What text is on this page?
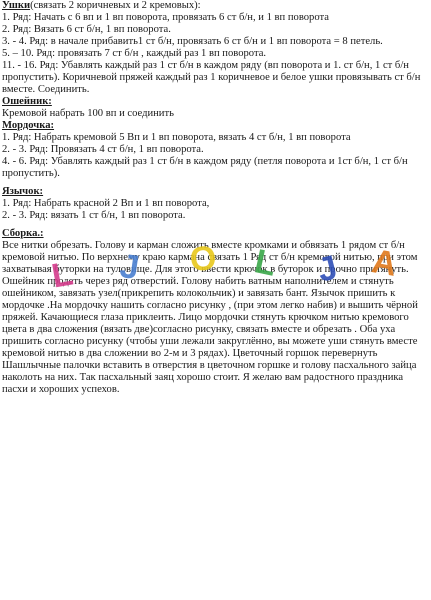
Ушки(связать 2 коричневых и 2 кремовых):

1. Ряд: Начать с 6 вп и 1 вп поворота, провязать 6 ст б/н, и 1 вп поворота

2. Ряд: Вязать 6 ст б/н, 1 вп поворота.

3. - 4. Ряд: в начале прибавить1 ст б/н, провязать 6 ст б/н и 1 вп поворота = 8 петель.

5. – 10. Ряд: провязать 7 ст б/н , каждый раз 1 вп поворота.

11. - 16. Ряд: Убавлять каждый раз 1 ст б/н в каждом ряду (вп поворота и 1. ст б/н, 1 ст б/н пропустить). Коричневой пряжей каждый раз 1 коричневое и белое ушки провязывать ст б/н вместе. Соединить.

Ошейник:

Кремовой набрать 100 вп и соединить

Мордочка:

1. Ряд: Набрать кремовой 5 Вп и 1 вп поворота, вязать 4 ст б/н, 1 вп поворота

2. - 3. Ряд: Провязать 4 ст б/н, 1 вп поворота.

4. - 6. Ряд: Убавлять каждый раз 1 ст б/н в каждом ряду (петля поворота и 1ст б/н, 1 ст б/н пропустить).

Язычок:

1. Ряд: Набрать красной 2 Вп и 1 вп поворота,

2. - 3. Ряд: вязать 1 ст б/н, 1 вп поворота.

Сборка.:

Все нитки обрезать. Голову и карман сложить вместе кромками и обвязать 1 рядом ст б/н кремовой нитью. По верхнему краю кармана связать 1 Ряд ст б/н кремовой нитью, при этом захватывая буторки на туловище. Для этого ввести крючок в буторок и прочно притянуть. Ошейник продеть через ряд отверстий. Голову набить ватным наполнителем и стянуть ошейником, завязать узел(прикрепить колокольчик) и завязать бант. Язычок пришить к мордочке .На мордочку нашить согласно рисунку , (при этом легко набив) и вышить чёрной пряжей. Качающиеся глаза приклеить. Лицо мордочки стянуть крючком нитью кремового цвета в два сложения (вязать две)согласно рисунку, связать вместе и обрезать . Оба уха пришить согласно рисунку (чтобы уши лежали закруглённо, вы можете уши стянуть вместе кремовой нитью в два сложении во 2-м и 3 рядах). Цветочный горшок перевернуть Шашлычные палочки вставить в отверстия в цветочном горшке и голову пасхального зайца наколоть на них. Так пасхальный заяц хорошо стоит. Я желаю вам радостного праздника пасхи и хороших успехов.

L J O L J A
